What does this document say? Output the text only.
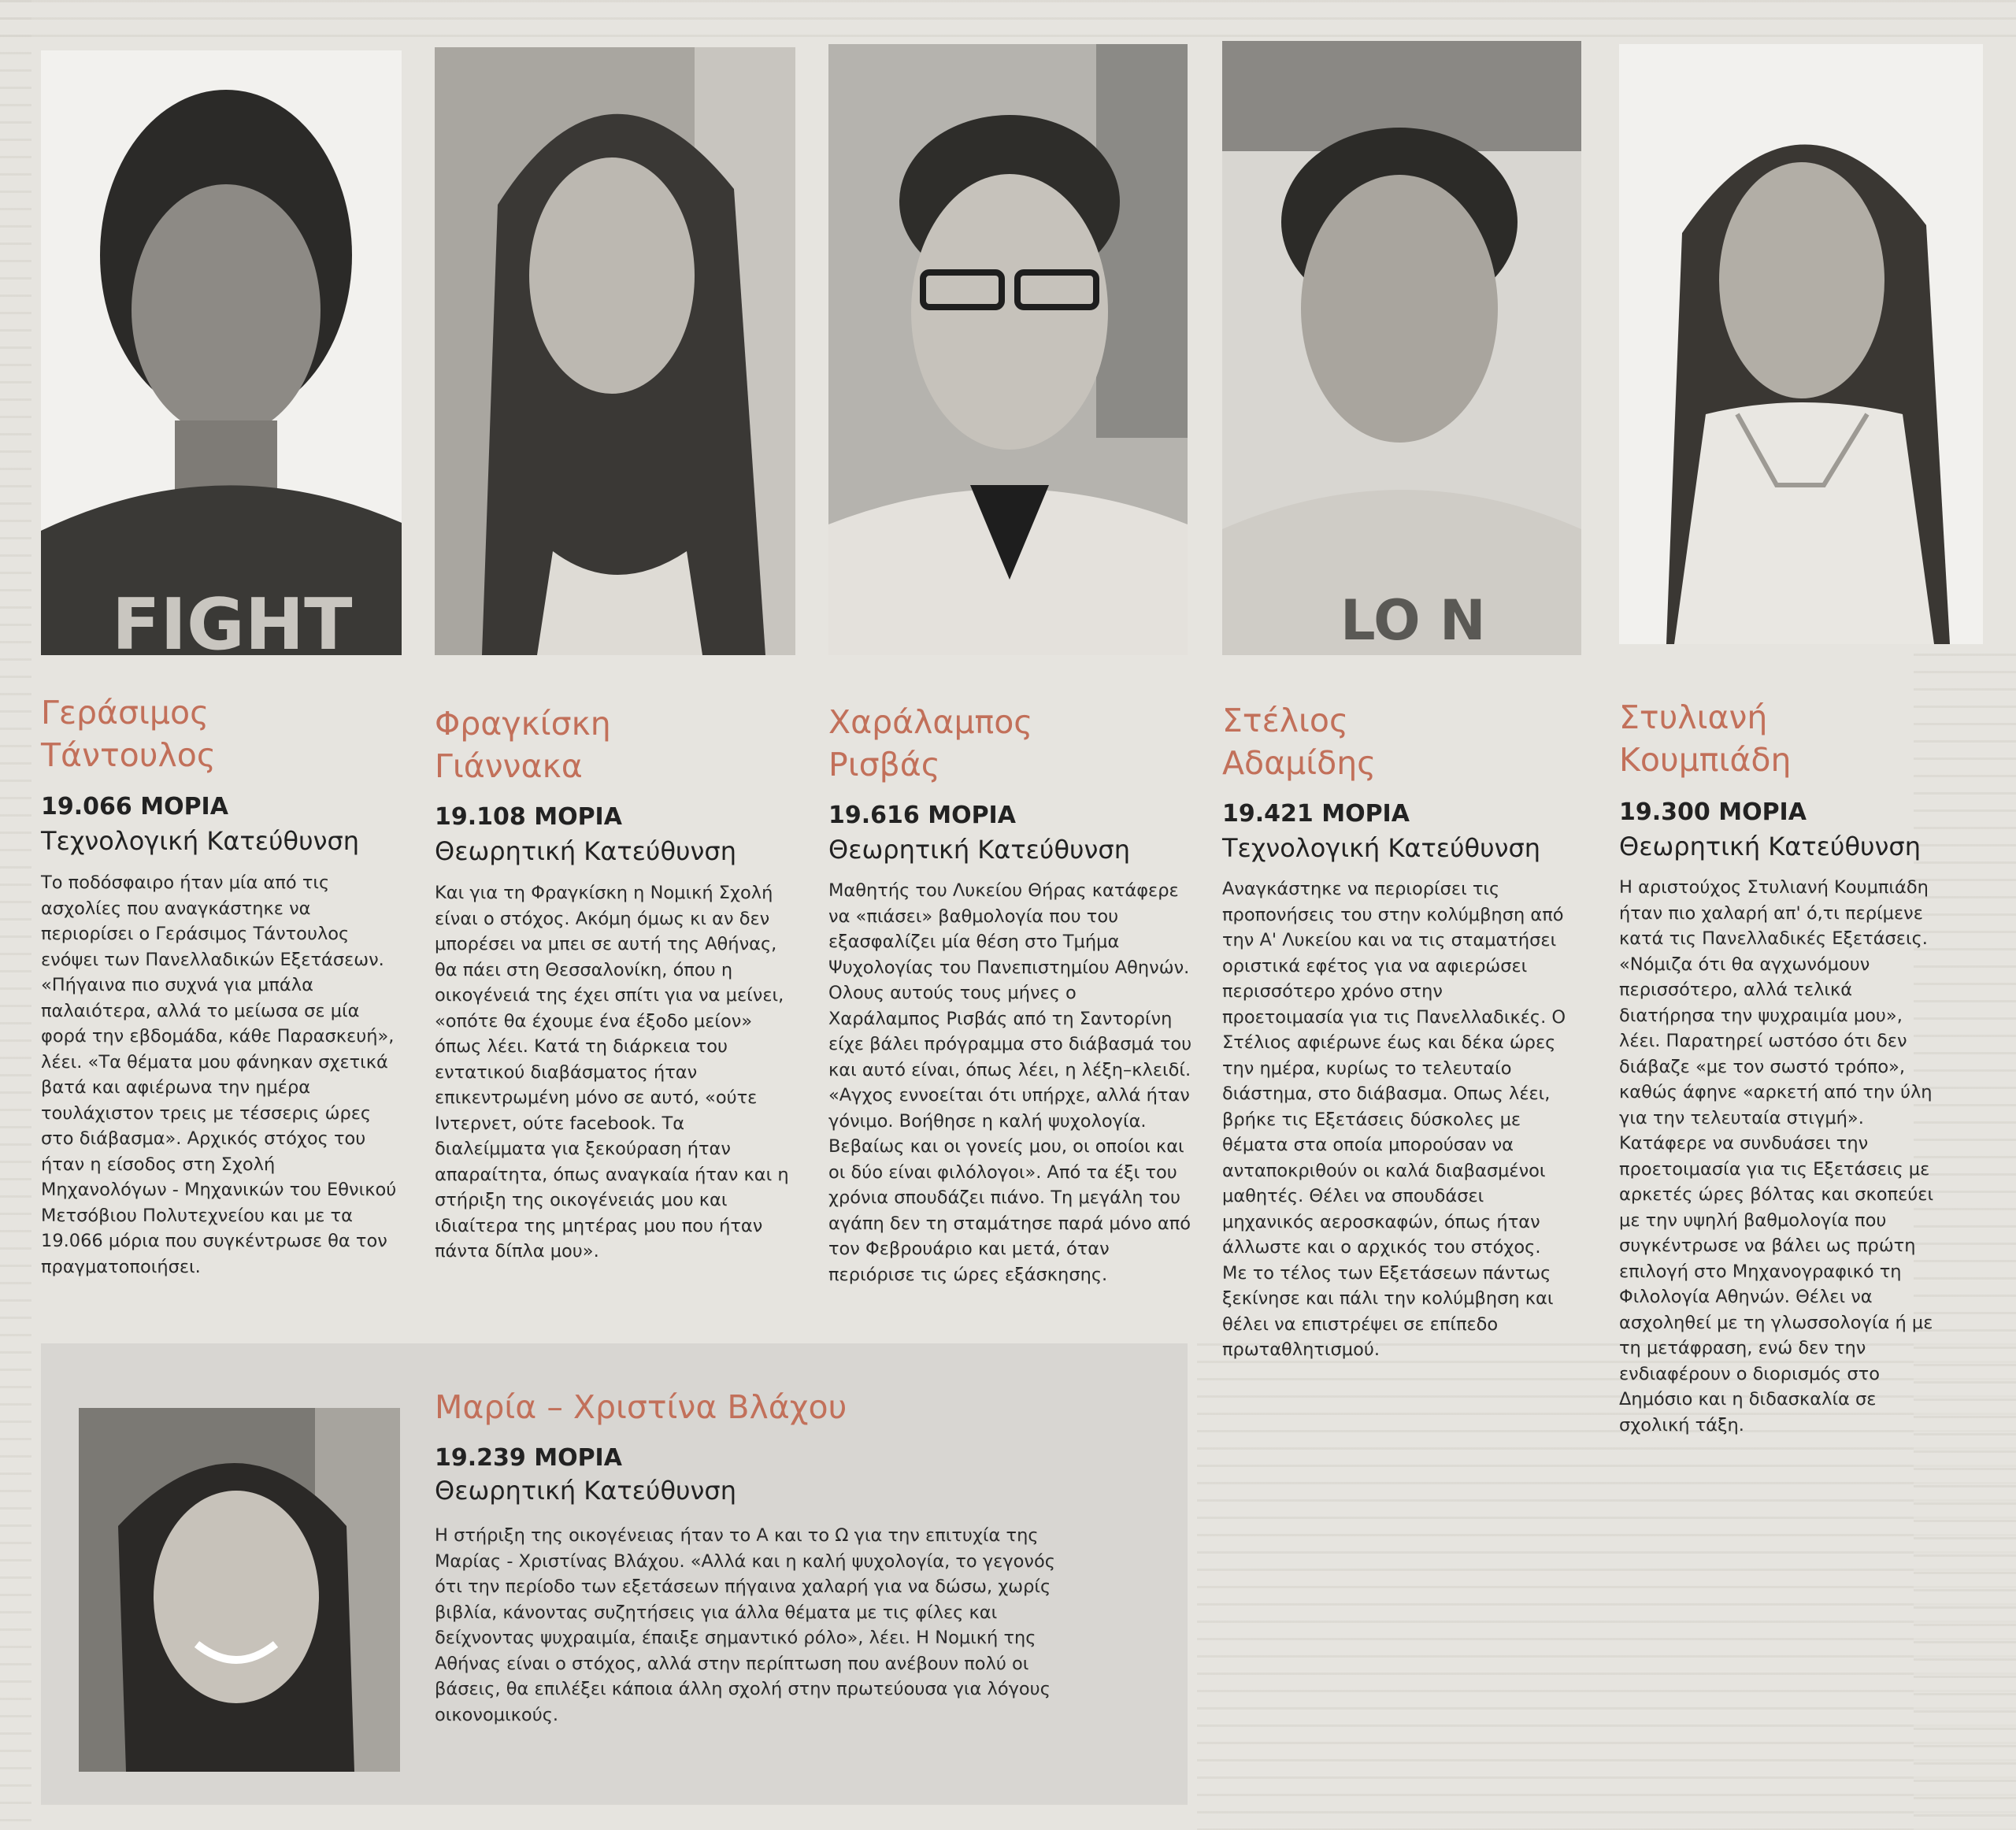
FIGHT
Γεράσιμος
Τάντουλος
19.066 ΜΟΡΙΑ
Τεχνολογική Κατεύθυνση

Το ποδόσφαιρο ήταν μία από τις ασχολίες που αναγκάστηκε να περιορίσει ο Γεράσιμος Τάντουλος ενόψει των Πανελλαδικών Εξετάσεων. «Πήγαινα πιο συχνά για μπάλα παλαιότερα, αλλά το μείωσα σε μία φορά την εβδομάδα, κάθε Παρασκευή», λέει. «Τα θέματα μου φάνηκαν σχετικά βατά και αφιέρωνα την ημέρα τουλάχιστον τρεις με τέσσερις ώρες στο διάβασμα». Αρχικός στόχος του ήταν η είσοδος στη Σχολή Μηχανολόγων - Μηχανικών του Εθνικού Μετσόβιου Πολυτεχνείου και με τα 19.066 μόρια που συγκέντρωσε θα τον πραγματοποιήσει.

Φραγκίσκη
Γιάννακα
19.108 ΜΟΡΙΑ
Θεωρητική Κατεύθυνση

Και για τη Φραγκίσκη η Νομική Σχολή είναι ο στόχος. Ακόμη όμως κι αν δεν μπορέσει να μπει σε αυτή της Αθήνας, θα πάει στη Θεσσαλονίκη, όπου η οικογένειά της έχει σπίτι για να μείνει, «οπότε θα έχουμε ένα έξοδο μείον» όπως λέει. Κατά τη διάρκεια του εντατικού διαβάσματος ήταν επικεντρωμένη μόνο σε αυτό, «ούτε Ιντερνετ, ούτε facebook. Τα διαλείμματα για ξεκούραση ήταν απαραίτητα, όπως αναγκαία ήταν και η στήριξη της οικογένειάς μου και ιδιαίτερα της μητέρας μου που ήταν πάντα δίπλα μου».

Χαράλαμπος
Ρισβάς
19.616 ΜΟΡΙΑ
Θεωρητική Κατεύθυνση

Μαθητής του Λυκείου Θήρας κατάφερε να «πιάσει» βαθμολογία που του εξασφαλίζει μία θέση στο Τμήμα Ψυχολογίας του Πανεπιστημίου Αθηνών. Ολους αυτούς τους μήνες ο Χαράλαμπος Ρισβάς από τη Σαντορίνη είχε βάλει πρόγραμμα στο διάβασμά του και αυτό είναι, όπως λέει, η λέξη–κλειδί. «Αγχος εννοείται ότι υπήρχε, αλλά ήταν γόνιμο. Βοήθησε η καλή ψυχολογία. Βεβαίως και οι γονείς μου, οι οποίοι και οι δύο είναι φιλόλογοι». Από τα έξι του χρόνια σπουδάζει πιάνο. Τη μεγάλη του αγάπη δεν τη σταμάτησε παρά μόνο από τον Φεβρουάριο και μετά, όταν περιόρισε τις ώρες εξάσκησης.

LO N
Στέλιος
Αδαμίδης
19.421 ΜΟΡΙΑ
Τεχνολογική Κατεύθυνση

Αναγκάστηκε να περιορίσει τις προπονήσεις του στην κολύμβηση από την Α' Λυκείου και να τις σταματήσει οριστικά εφέτος για να αφιερώσει περισσότερο χρόνο στην προετοιμασία για τις Πανελλαδικές. Ο Στέλιος αφιέρωνε έως και δέκα ώρες την ημέρα, κυρίως το τελευταίο διάστημα, στο διάβασμα. Οπως λέει, βρήκε τις Εξετάσεις δύσκολες με θέματα στα οποία μπορούσαν να ανταποκριθούν οι καλά διαβασμένοι μαθητές. Θέλει να σπουδάσει μηχανικός αεροσκαφών, όπως ήταν άλλωστε και ο αρχικός του στόχος. Με το τέλος των Εξετάσεων πάντως ξεκίνησε και πάλι την κολύμβηση και θέλει να επιστρέψει σε επίπεδο πρωταθλητισμού.

Στυλιανή
Κουμπιάδη
19.300 ΜΟΡΙΑ
Θεωρητική Κατεύθυνση

Η αριστούχος Στυλιανή Κουμπιάδη ήταν πιο χαλαρή απ' ό,τι περίμενε κατά τις Πανελλαδικές Εξετάσεις. «Νόμιζα ότι θα αγχωνόμουν περισσότερο, αλλά τελικά διατήρησα την ψυχραιμία μου», λέει. Παρατηρεί ωστόσο ότι δεν διάβαζε «με τον σωστό τρόπο», καθώς άφηνε «αρκετή από την ύλη για την τελευταία στιγμή». Κατάφερε να συνδυάσει την προετοιμασία για τις Εξετάσεις με αρκετές ώρες βόλτας και σκοπεύει με την υψηλή βαθμολογία που συγκέντρωσε να βάλει ως πρώτη επιλογή στο Μηχανογραφικό τη Φιλολογία Αθηνών. Θέλει να ασχοληθεί με τη γλωσσολογία ή με τη μετάφραση, ενώ δεν την ενδιαφέρουν ο διορισμός στο Δημόσιο και η διδασκαλία σε σχολική τάξη.

Μαρία – Χριστίνα Βλάχου
19.239 ΜΟΡΙΑ
Θεωρητική Κατεύθυνση

Η στήριξη της οικογένειας ήταν το Α και το Ω για την επιτυχία της Μαρίας - Χριστίνας Βλάχου. «Αλλά και η καλή ψυχολογία, το γεγονός ότι την περίοδο των εξετάσεων πήγαινα χαλαρή για να δώσω, χωρίς βιβλία, κάνοντας συζητήσεις για άλλα θέματα με τις φίλες και δείχνοντας ψυχραιμία, έπαιξε σημαντικό ρόλο», λέει. Η Νομική της Αθήνας είναι ο στόχος, αλλά στην περίπτωση που ανέβουν πολύ οι βάσεις, θα επιλέξει κάποια άλλη σχολή στην πρωτεύουσα για λόγους οικονομικούς.
